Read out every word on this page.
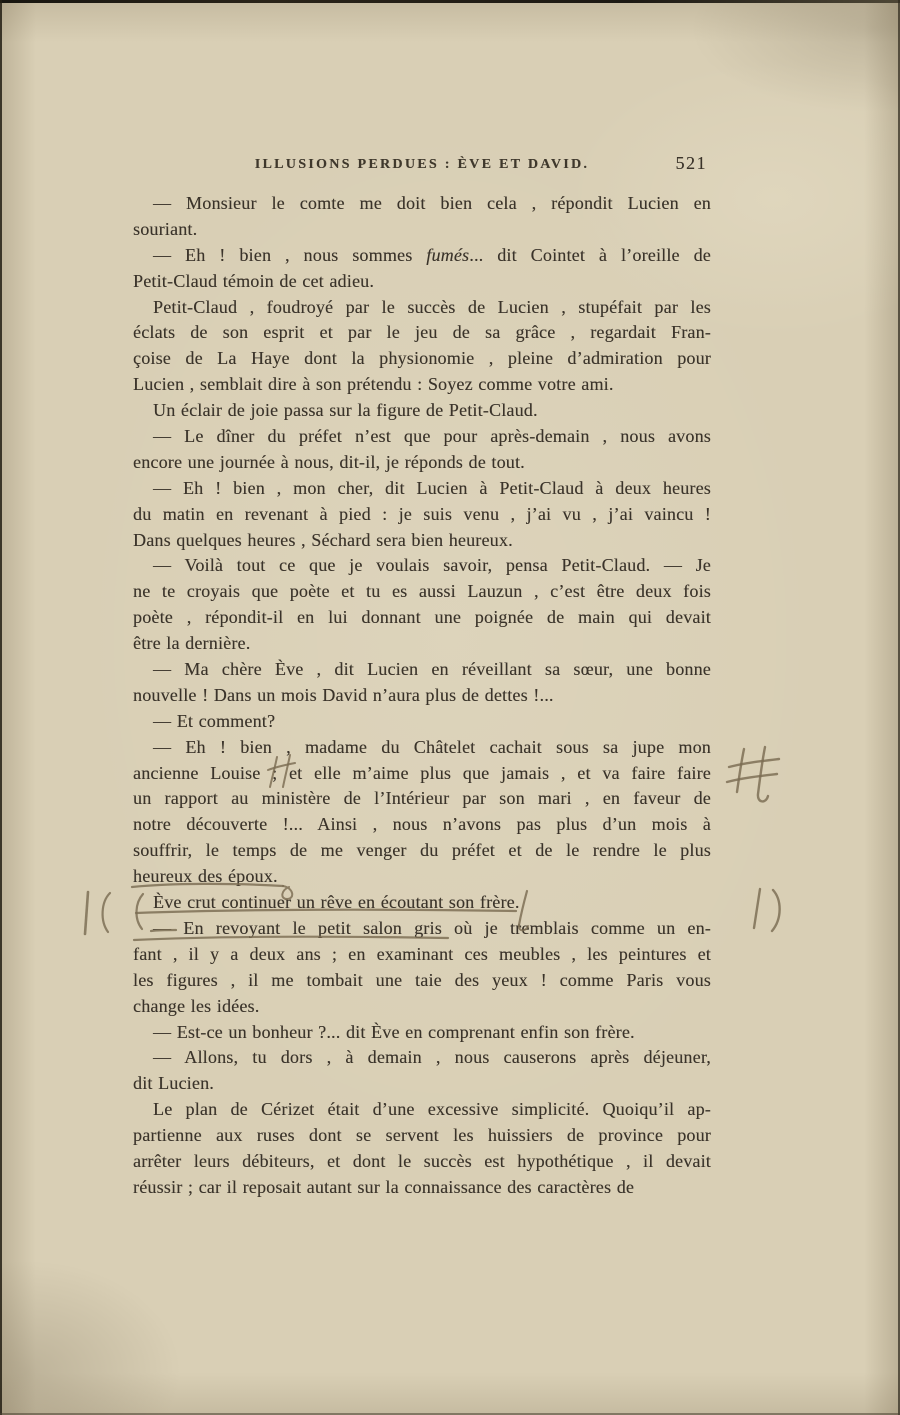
ILLUSIONS PERDUES : ÈVE ET DAVID.	521
— Monsieur le comte me doit bien cela , répondit Lucien en
souriant.
— Eh ! bien , nous sommes fumés... dit Cointet à l’oreille de
Petit-Claud témoin de cet adieu.
Petit-Claud , foudroyé par le succès de Lucien , stupéfait par les
éclats de son esprit et par le jeu de sa grâce , regardait Fran-
çoise de La Haye dont la physionomie , pleine d’admiration pour
Lucien , semblait dire à son prétendu : Soyez comme votre ami.
Un éclair de joie passa sur la figure de Petit-Claud.
— Le dîner du préfet n’est que pour après-demain , nous avons
encore une journée à nous, dit-il, je réponds de tout.
— Eh ! bien , mon cher, dit Lucien à Petit-Claud à deux heures
du matin en revenant à pied : je suis venu , j’ai vu , j’ai vaincu !
Dans quelques heures , Séchard sera bien heureux.
— Voilà tout ce que je voulais savoir, pensa Petit-Claud. — Je
ne te croyais que poète et tu es aussi Lauzun , c’est être deux fois
poète , répondit-il en lui donnant une poignée de main qui devait
être la dernière.
— Ma chère Ève , dit Lucien en réveillant sa sœur, une bonne
nouvelle ! Dans un mois David n’aura plus de dettes !...
— Et comment?
— Eh ! bien , madame du Châtelet cachait sous sa jupe mon
ancienne Louise ; et elle m’aime plus que jamais , et va faire faire
un rapport au ministère de l’Intérieur par son mari , en faveur de
notre découverte !... Ainsi , nous n’avons pas plus d’un mois à
souffrir, le temps de me venger du préfet et de le rendre le plus
heureux des époux.
Ève crut continuer un rêve en écoutant son frère.
— En revoyant le petit salon gris où je tremblais comme un en-
fant , il y a deux ans ; en examinant ces meubles , les peintures et
les figures , il me tombait une taie des yeux ! comme Paris vous
change les idées.
— Est-ce un bonheur ?... dit Ève en comprenant enfin son frère.
— Allons, tu dors , à demain , nous causerons après déjeuner,
dit Lucien.
Le plan de Cérizet était d’une excessive simplicité. Quoiqu’il ap-
partienne aux ruses dont se servent les huissiers de province pour
arrêter leurs débiteurs, et dont le succès est hypothétique , il devait
réussir ; car il reposait autant sur la connaissance des caractères de
